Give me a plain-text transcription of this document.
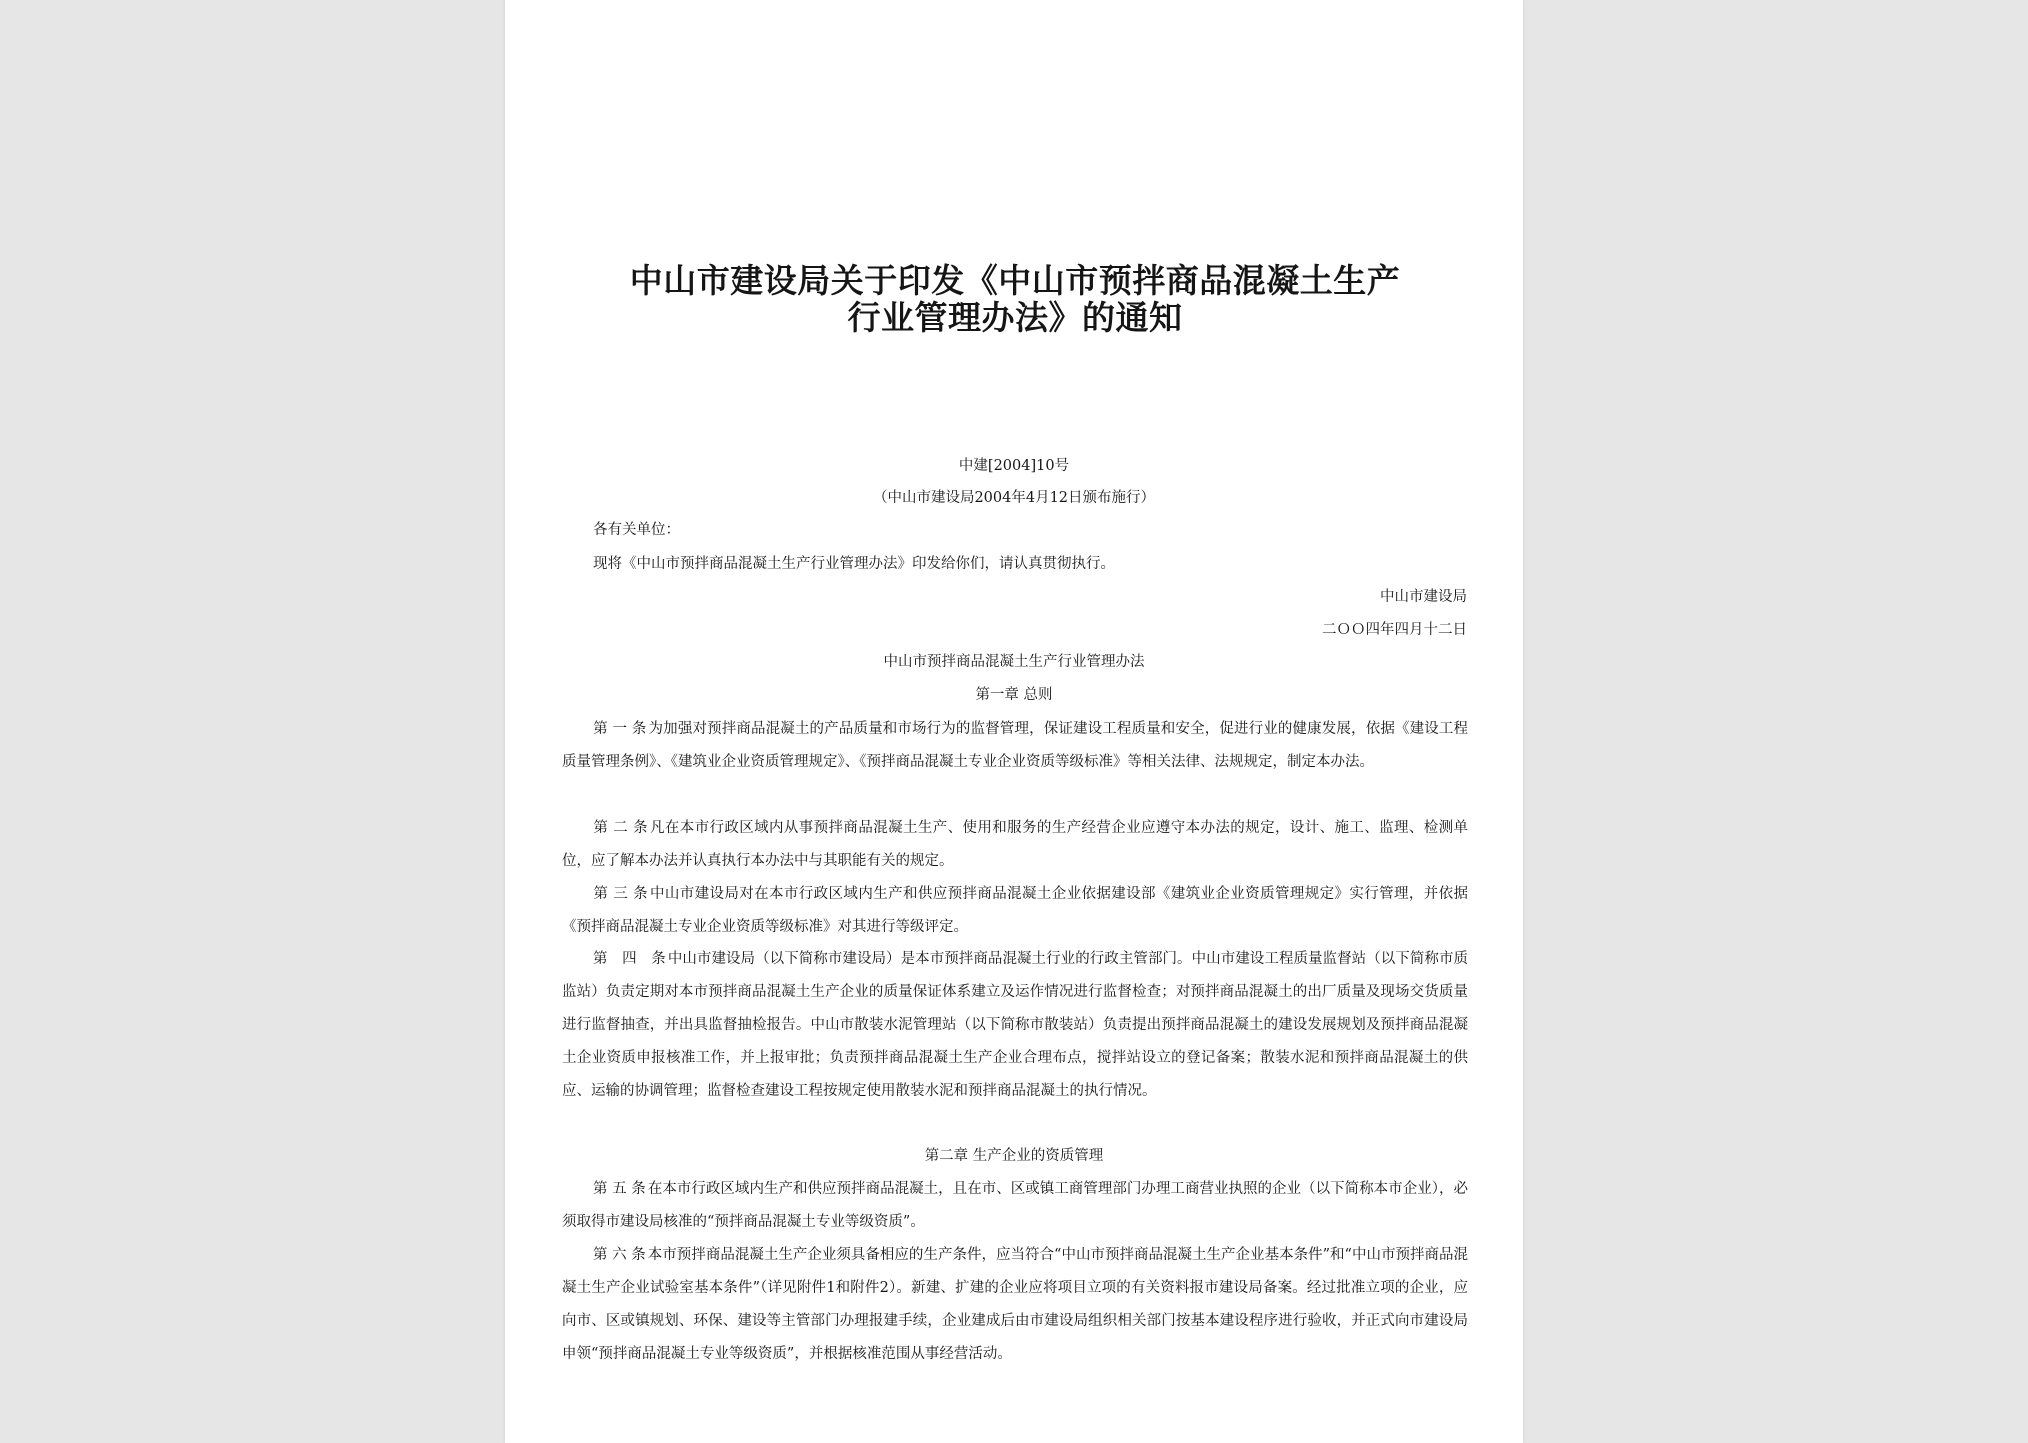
中山市建设局关于印发《中山市预拌商品混凝土生产
行业管理办法》的通知
中建[2004]10号
（中山市建设局2004年4月12日颁布施行）
各有关单位：
现将《中山市预拌商品混凝土生产行业管理办法》印发给你们，请认真贯彻执行。
中山市建设局
二ＯＯ四年四月十二日
中山市预拌商品混凝土生产行业管理办法
第一章 总则
第 一 条 为加强对预拌商品混凝土的产品质量和市场行为的监督管理，保证建设工程质量和安全，促进行业的健康发展，依据《建设工程质量管理条例》、《建筑业企业资质管理规定》、《预拌商品混凝土专业企业资质等级标准》等相关法律、法规规定，制定本办法。
第 二 条 凡在本市行政区域内从事预拌商品混凝土生产、使用和服务的生产经营企业应遵守本办法的规定，设计、施工、监理、检测单位，应了解本办法并认真执行本办法中与其职能有关的规定。
第 三 条 中山市建设局对在本市行政区域内生产和供应预拌商品混凝土企业依据建设部《建筑业企业资质管理规定》实行管理，并依据《预拌商品混凝土专业企业资质等级标准》对其进行等级评定。
第　四　条 中山市建设局（以下简称市建设局）是本市预拌商品混凝土行业的行政主管部门。中山市建设工程质量监督站（以下简称市质监站）负责定期对本市预拌商品混凝土生产企业的质量保证体系建立及运作情况进行监督检查；对预拌商品混凝土的出厂质量及现场交货质量进行监督抽查，并出具监督抽检报告。中山市散装水泥管理站（以下简称市散装站）负责提出预拌商品混凝土的建设发展规划及预拌商品混凝土企业资质申报核准工作，并上报审批；负责预拌商品混凝土生产企业合理布点，搅拌站设立的登记备案；散装水泥和预拌商品混凝土的供应、运输的协调管理；监督检查建设工程按规定使用散装水泥和预拌商品混凝土的执行情况。
第二章 生产企业的资质管理
第 五 条 在本市行政区域内生产和供应预拌商品混凝土，且在市、区或镇工商管理部门办理工商营业执照的企业（以下简称本市企业），必须取得市建设局核准的“预拌商品混凝土专业等级资质”。
第 六 条 本市预拌商品混凝土生产企业须具备相应的生产条件，应当符合“中山市预拌商品混凝土生产企业基本条件”和“中山市预拌商品混凝土生产企业试验室基本条件”（详见附件1和附件2）。新建、扩建的企业应将项目立项的有关资料报市建设局备案。经过批准立项的企业，应向市、区或镇规划、环保、建设等主管部门办理报建手续，企业建成后由市建设局组织相关部门按基本建设程序进行验收，并正式向市建设局申领“预拌商品混凝土专业等级资质”，并根据核准范围从事经营活动。
